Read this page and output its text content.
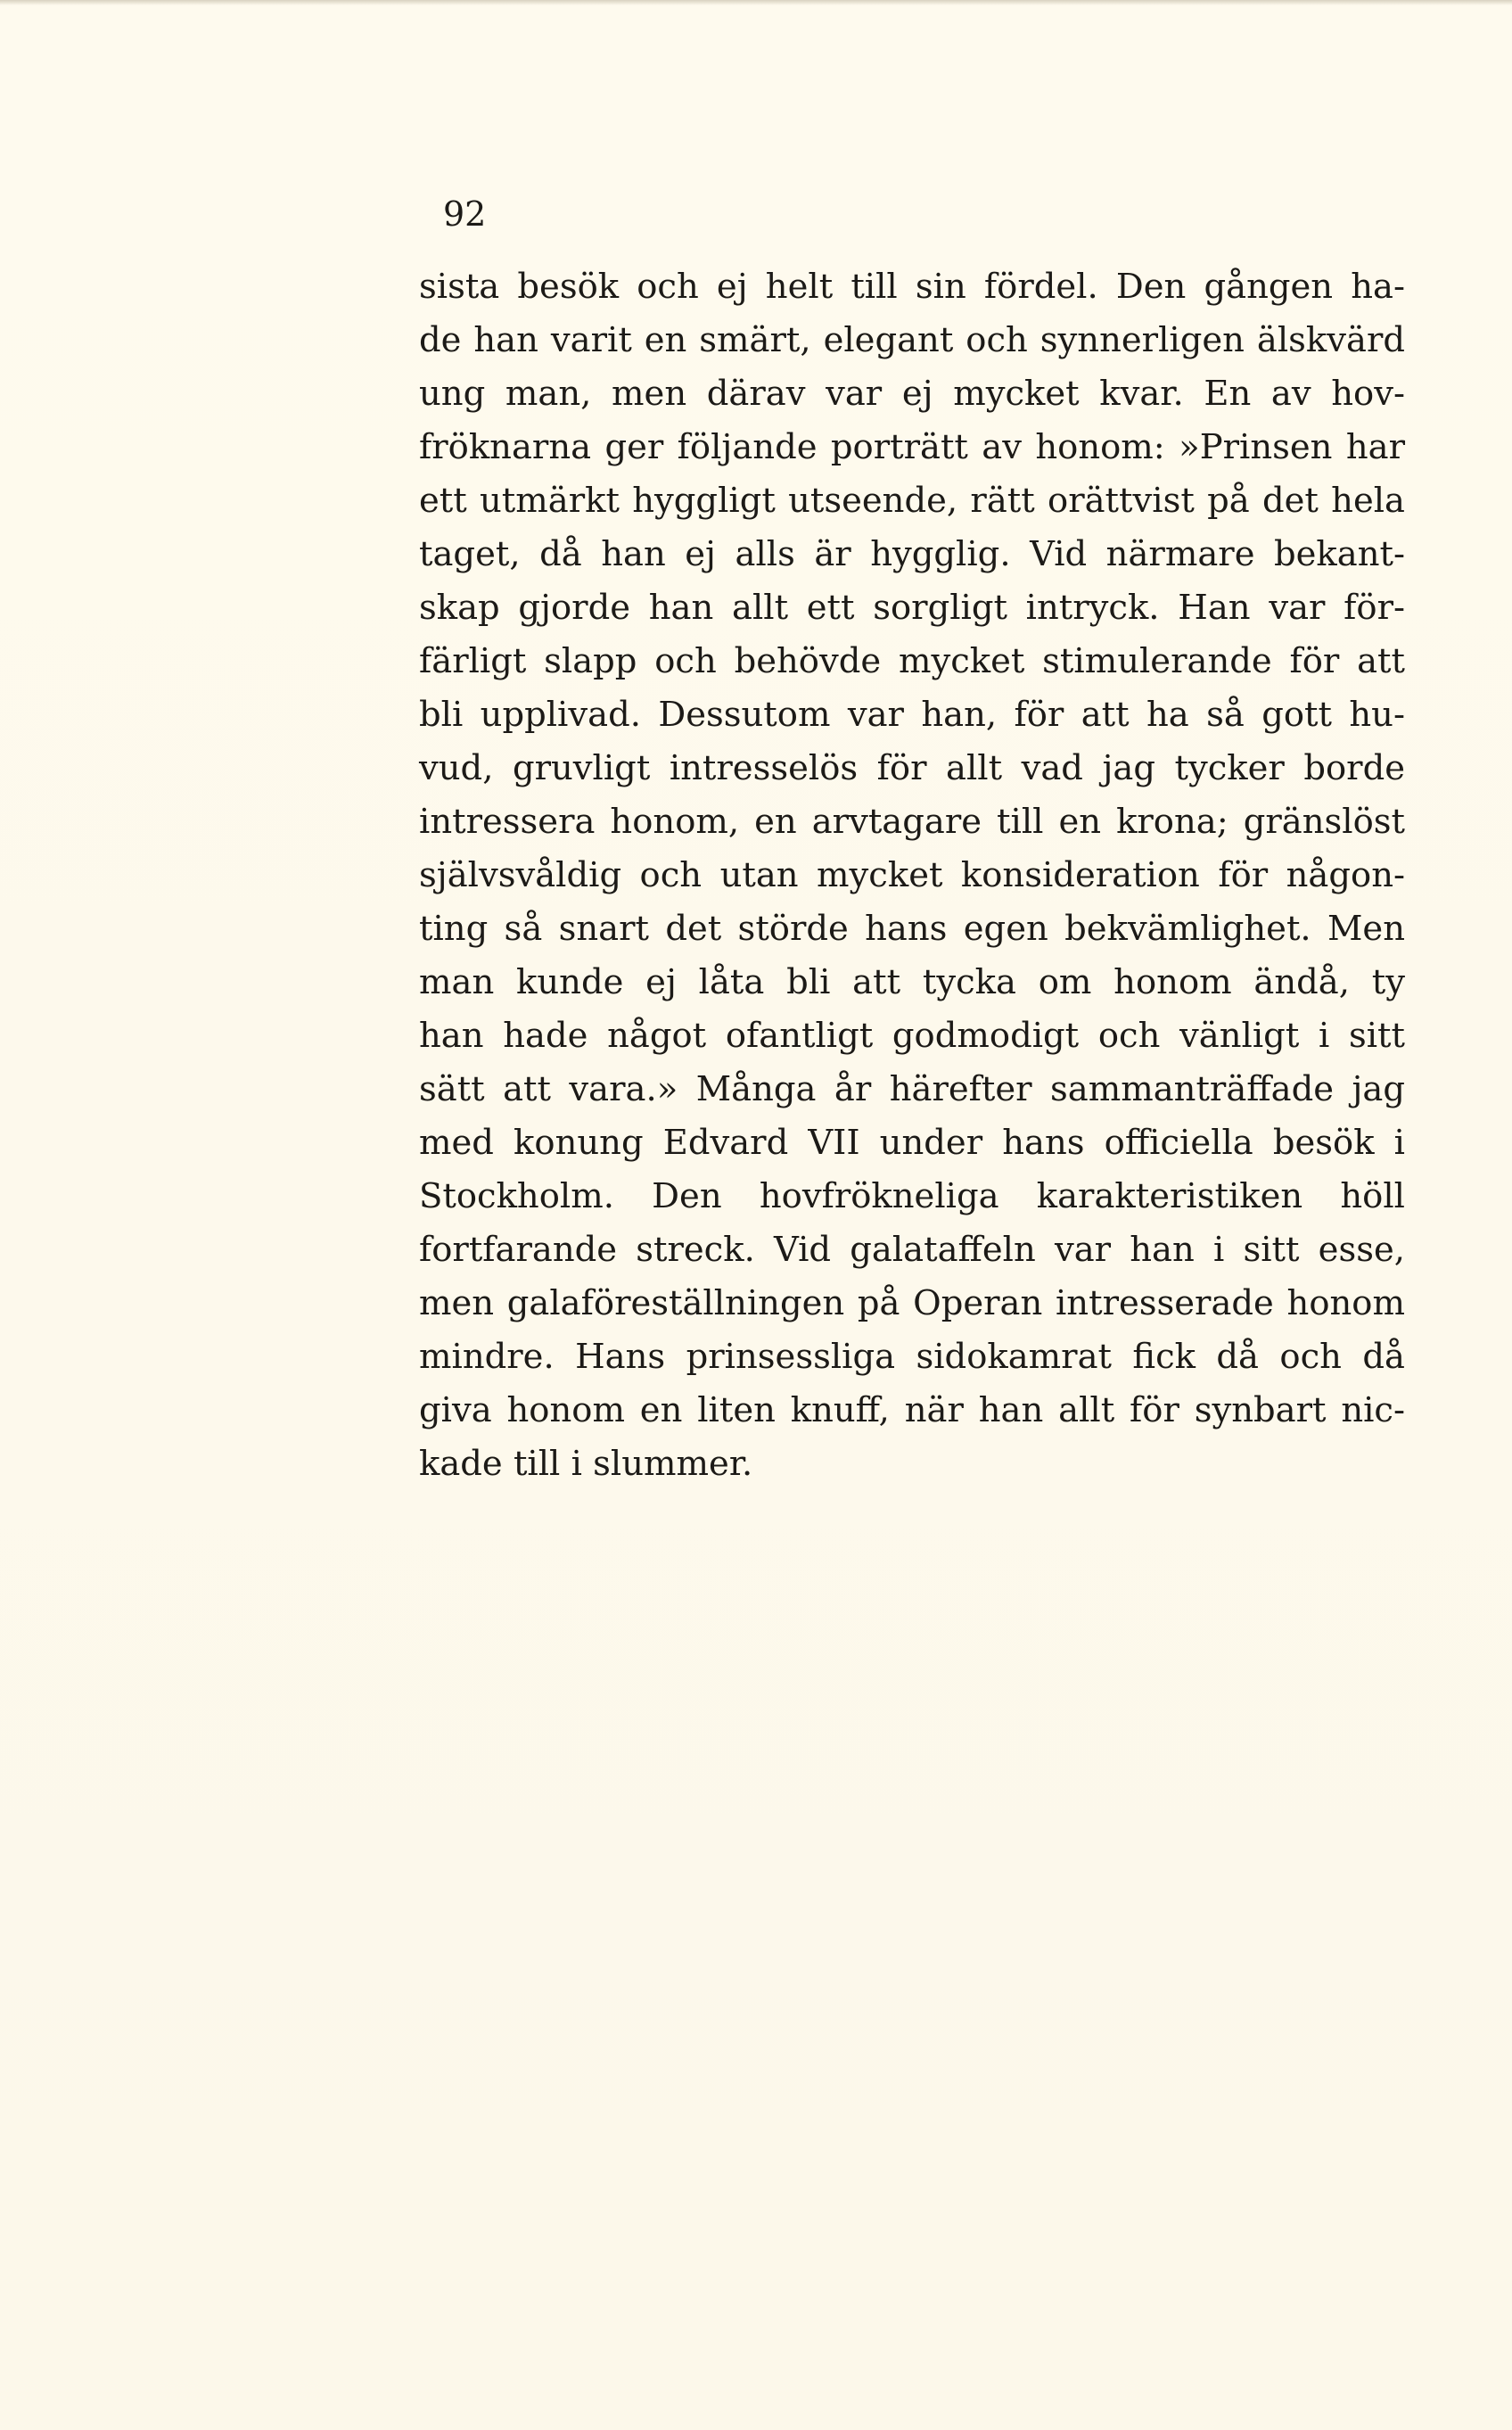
92
sista besök och ej helt till sin fördel. Den gången ha-
de han varit en smärt, elegant och synnerligen älskvärd
ung man, men därav var ej mycket kvar. En av hov-
fröknarna ger följande porträtt av honom: »Prinsen har
ett utmärkt hyggligt utseende, rätt orättvist på det hela
taget, då han ej alls är hygglig. Vid närmare bekant-
skap gjorde han allt ett sorgligt intryck. Han var för-
färligt slapp och behövde mycket stimulerande för att
bli upplivad. Dessutom var han, för att ha så gott hu-
vud, gruvligt intresselös för allt vad jag tycker borde
intressera honom, en arvtagare till en krona; gränslöst
självsvåldig och utan mycket konsideration för någon-
ting så snart det störde hans egen bekvämlighet. Men
man kunde ej låta bli att tycka om honom ändå, ty
han hade något ofantligt godmodigt och vänligt i sitt
sätt att vara.» Många år härefter sammanträffade jag
med konung Edvard VII under hans officiella besök i
Stockholm. Den hovfrökneliga karakteristiken höll
fortfarande streck. Vid galataffeln var han i sitt esse,
men galaföreställningen på Operan intresserade honom
mindre. Hans prinsessliga sidokamrat fick då och då
giva honom en liten knuff, när han allt för synbart nic-
kade till i slummer.
